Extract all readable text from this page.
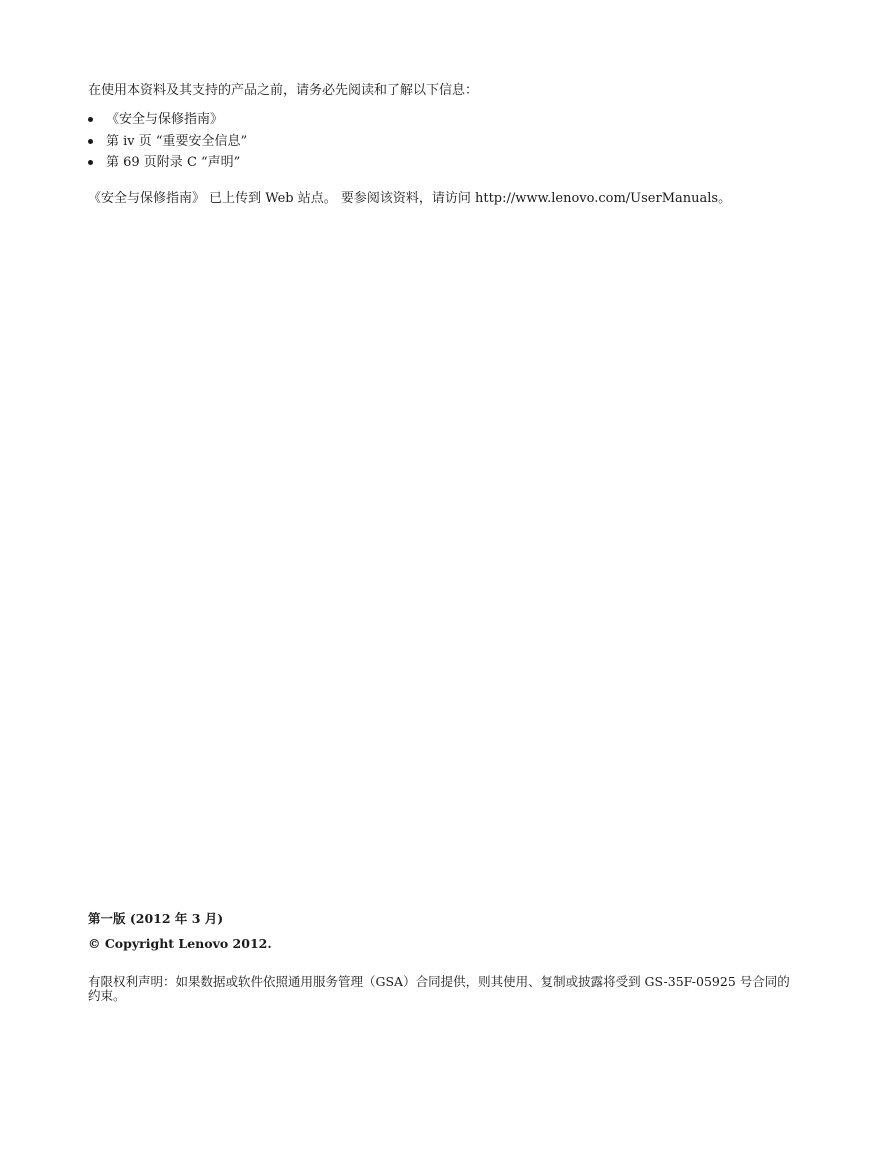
在使用本资料及其支持的产品之前，请务必先阅读和了解以下信息：
《安全与保修指南》
第 iv 页 “重要安全信息”
第 69 页附录 C “声明”
《安全与保修指南》 已上传到 Web 站点。 要参阅该资料，请访问 http://www.lenovo.com/UserManuals。
第一版 (2012 年 3 月)
© Copyright Lenovo 2012.
有限权利声明：如果数据或软件依照通用服务管理（GSA）合同提供，则其使用、复制或披露将受到 GS-35F-05925 号合同的约束。
